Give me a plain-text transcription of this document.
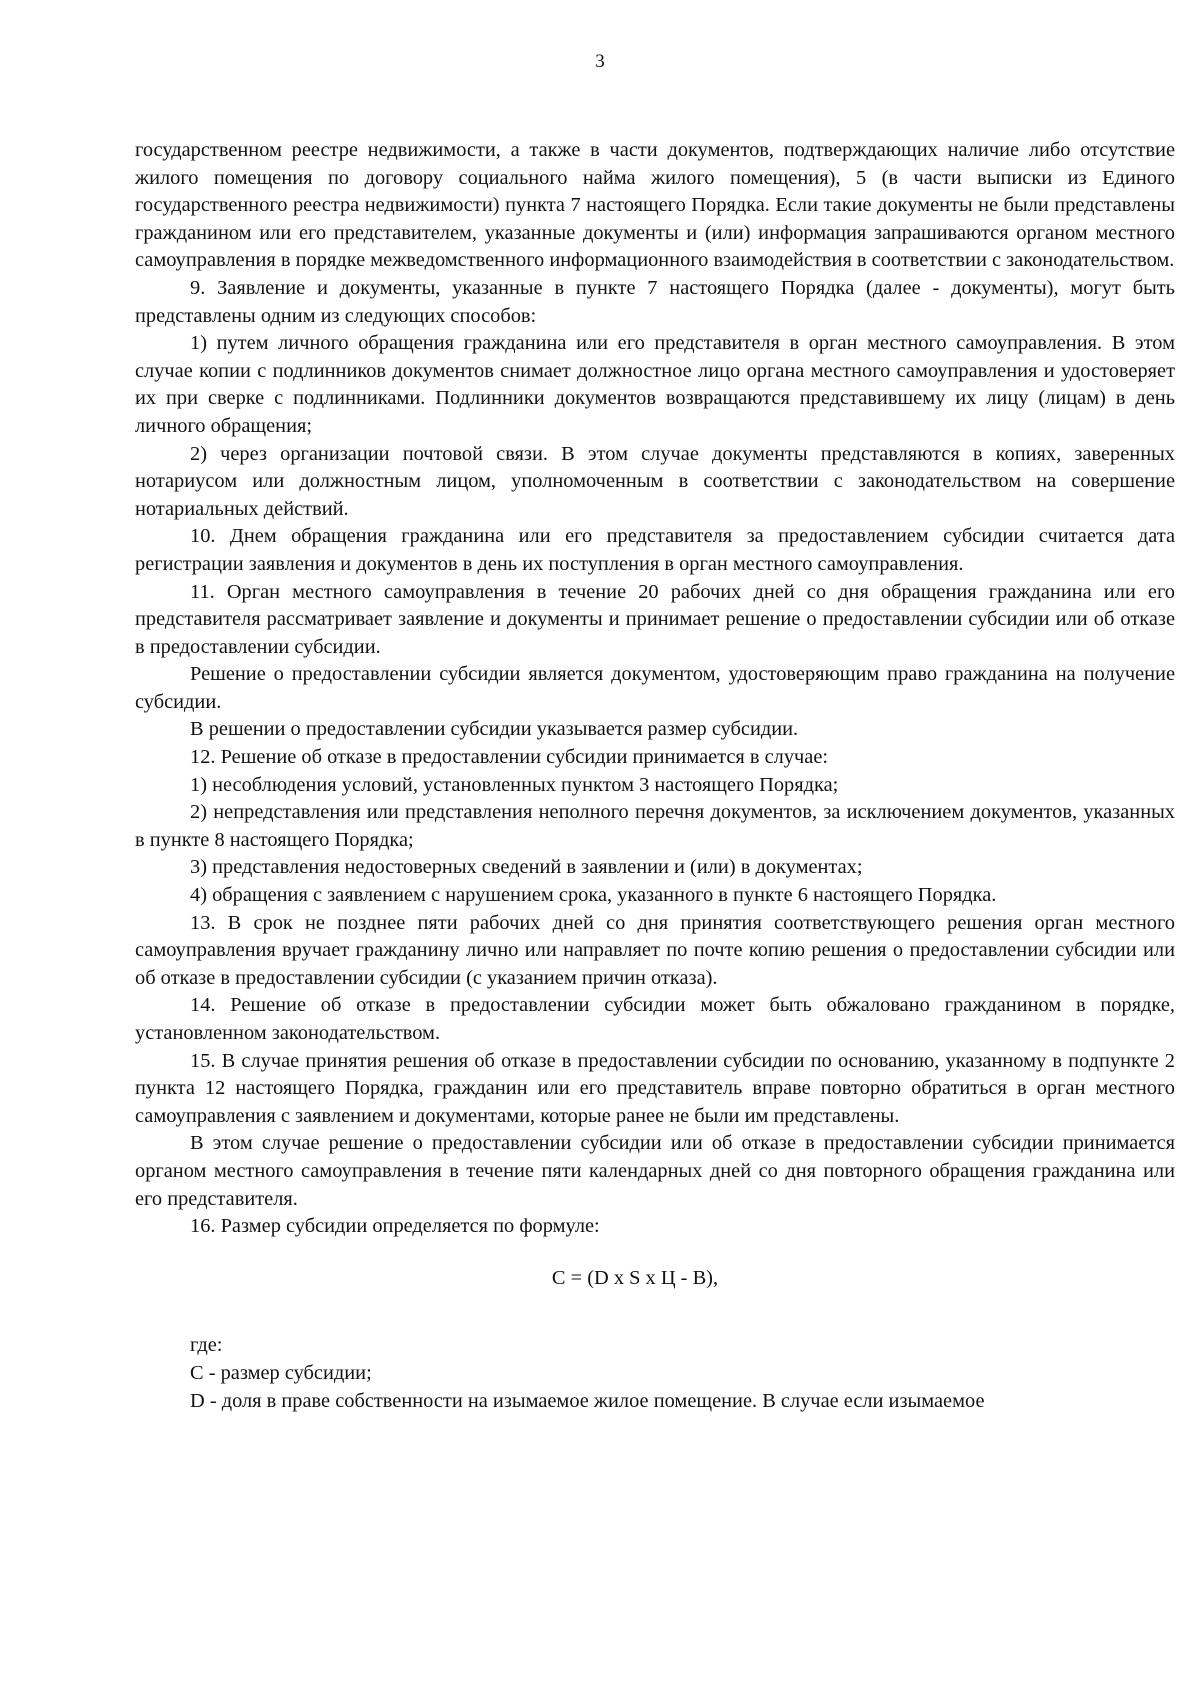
3

государственном реестре недвижимости, а также в части документов, подтверждающих наличие либо отсутствие жилого помещения по договору социального найма жилого помещения), 5 (в части выписки из Единого государственного реестра недвижимости) пункта 7 настоящего Порядка. Если такие документы не были представлены гражданином или его представителем, указанные документы и (или) информация запрашиваются органом местного самоуправления в порядке межведомственного информационного взаимодействия в соответствии с законодательством.

9. Заявление и документы, указанные в пункте 7 настоящего Порядка (далее - документы), могут быть представлены одним из следующих способов:

1) путем личного обращения гражданина или его представителя в орган местного самоуправления. В этом случае копии с подлинников документов снимает должностное лицо органа местного самоуправления и удостоверяет их при сверке с подлинниками. Подлинники документов возвращаются представившему их лицу (лицам) в день личного обращения;

2) через организации почтовой связи. В этом случае документы представляются в копиях, заверенных нотариусом или должностным лицом, уполномоченным в соответствии с законодательством на совершение нотариальных действий.

10. Днем обращения гражданина или его представителя за предоставлением субсидии считается дата регистрации заявления и документов в день их поступления в орган местного самоуправления.

11. Орган местного самоуправления в течение 20 рабочих дней со дня обращения гражданина или его представителя рассматривает заявление и документы и принимает решение о предоставлении субсидии или об отказе в предоставлении субсидии.

Решение о предоставлении субсидии является документом, удостоверяющим право гражданина на получение субсидии.

В решении о предоставлении субсидии указывается размер субсидии.

12. Решение об отказе в предоставлении субсидии принимается в случае:

1) несоблюдения условий, установленных пунктом 3 настоящего Порядка;

2) непредставления или представления неполного перечня документов, за исключением документов, указанных в пункте 8 настоящего Порядка;

3) представления недостоверных сведений в заявлении и (или) в документах;

4) обращения с заявлением с нарушением срока, указанного в пункте 6 настоящего Порядка.

13. В срок не позднее пяти рабочих дней со дня принятия соответствующего решения орган местного самоуправления вручает гражданину лично или направляет по почте копию решения о предоставлении субсидии или об отказе в предоставлении субсидии (с указанием причин отказа).

14. Решение об отказе в предоставлении субсидии может быть обжаловано гражданином в порядке, установленном законодательством.

15. В случае принятия решения об отказе в предоставлении субсидии по основанию, указанному в подпункте 2 пункта 12 настоящего Порядка, гражданин или его представитель вправе повторно обратиться в орган местного самоуправления с заявлением и документами, которые ранее не были им представлены.

В этом случае решение о предоставлении субсидии или об отказе в предоставлении субсидии принимается органом местного самоуправления в течение пяти календарных дней со дня повторного обращения гражданина или его представителя.

16. Размер субсидии определяется по формуле:

С = (D x S x Ц - В),

где:

С - размер субсидии;

D - доля в праве собственности на изымаемое жилое помещение. В случае если изымаемое
